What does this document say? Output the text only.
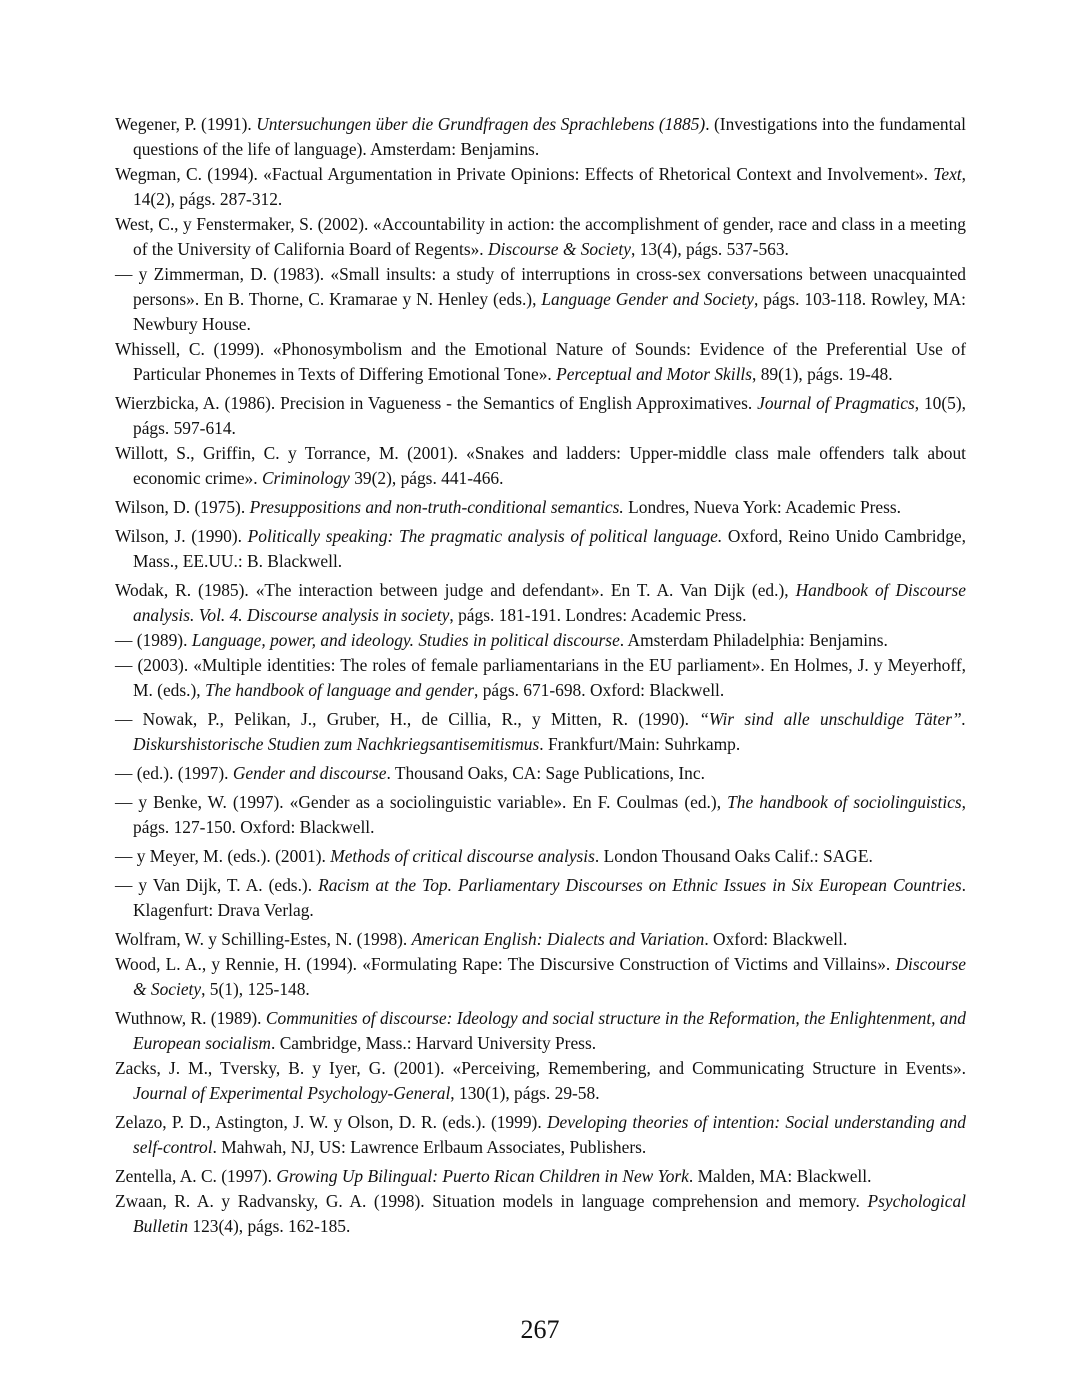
Wegener, P. (1991). Untersuchungen über die Grundfragen des Sprachlebens (1885). (Investigations into the fundamental questions of the life of language). Amsterdam: Benjamins.

Wegman, C. (1994). «Factual Argumentation in Private Opinions: Effects of Rhetorical Context and Involvement». Text, 14(2), págs. 287-312.

West, C., y Fenstermaker, S. (2002). «Accountability in action: the accomplishment of gender, race and class in a meeting of the University of California Board of Regents». Discourse & Society, 13(4), págs. 537-563.

— y Zimmerman, D. (1983). «Small insults: a study of interruptions in cross-sex conversations between unacquainted persons». En B. Thorne, C. Kramarae y N. Henley (eds.), Language Gender and Society, págs. 103-118. Rowley, MA: Newbury House.

Whissell, C. (1999). «Phonosymbolism and the Emotional Nature of Sounds: Evidence of the Preferential Use of Particular Phonemes in Texts of Differing Emotional Tone». Perceptual and Motor Skills, 89(1), págs. 19-48.

Wierzbicka, A. (1986). Precision in Vagueness - the Semantics of English Approximatives. Journal of Pragmatics, 10(5), págs. 597-614.

Willott, S., Griffin, C. y Torrance, M. (2001). «Snakes and ladders: Upper-middle class male offenders talk about economic crime». Criminology 39(2), págs. 441-466.

Wilson, D. (1975). Presuppositions and non-truth-conditional semantics. Londres, Nueva York: Academic Press.

Wilson, J. (1990). Politically speaking: The pragmatic analysis of political language. Oxford, Reino Unido Cambridge, Mass., EE.UU.: B. Blackwell.

Wodak, R. (1985). «The interaction between judge and defendant». En T. A. Van Dijk (ed.), Handbook of Discourse analysis. Vol. 4. Discourse analysis in society, págs. 181-191. Londres: Academic Press.

— (1989). Language, power, and ideology. Studies in political discourse. Amsterdam Philadelphia: Benjamins.

— (2003). «Multiple identities: The roles of female parliamentarians in the EU parliament». En Holmes, J. y Meyerhoff, M. (eds.), The handbook of language and gender, págs. 671-698. Oxford: Blackwell.

— Nowak, P., Pelikan, J., Gruber, H., de Cillia, R., y Mitten, R. (1990). “Wir sind alle unschuldige Täter”. Diskurshistorische Studien zum Nachkriegsantisemitismus. Frankfurt/Main: Suhrkamp.

— (ed.). (1997). Gender and discourse. Thousand Oaks, CA: Sage Publications, Inc.

— y Benke, W. (1997). «Gender as a sociolinguistic variable». En F. Coulmas (ed.), The handbook of sociolinguistics, págs. 127-150. Oxford: Blackwell.

— y Meyer, M. (eds.). (2001). Methods of critical discourse analysis. London Thousand Oaks Calif.: SAGE.

— y Van Dijk, T. A. (eds.). Racism at the Top. Parliamentary Discourses on Ethnic Issues in Six European Countries. Klagenfurt: Drava Verlag.

Wolfram, W. y Schilling-Estes, N. (1998). American English: Dialects and Variation. Oxford: Blackwell.

Wood, L. A., y Rennie, H. (1994). «Formulating Rape: The Discursive Construction of Victims and Villains». Discourse & Society, 5(1), 125-148.

Wuthnow, R. (1989). Communities of discourse: Ideology and social structure in the Reformation, the Enlightenment, and European socialism. Cambridge, Mass.: Harvard University Press.

Zacks, J. M., Tversky, B. y Iyer, G. (2001). «Perceiving, Remembering, and Communicating Structure in Events». Journal of Experimental Psychology-General, 130(1), págs. 29-58.

Zelazo, P. D., Astington, J. W. y Olson, D. R. (eds.). (1999). Developing theories of intention: Social understanding and self-control. Mahwah, NJ, US: Lawrence Erlbaum Associates, Publishers.

Zentella, A. C. (1997). Growing Up Bilingual: Puerto Rican Children in New York. Malden, MA: Blackwell.

Zwaan, R. A. y Radvansky, G. A. (1998). Situation models in language comprehension and memory. Psychological Bulletin 123(4), págs. 162-185.

267
